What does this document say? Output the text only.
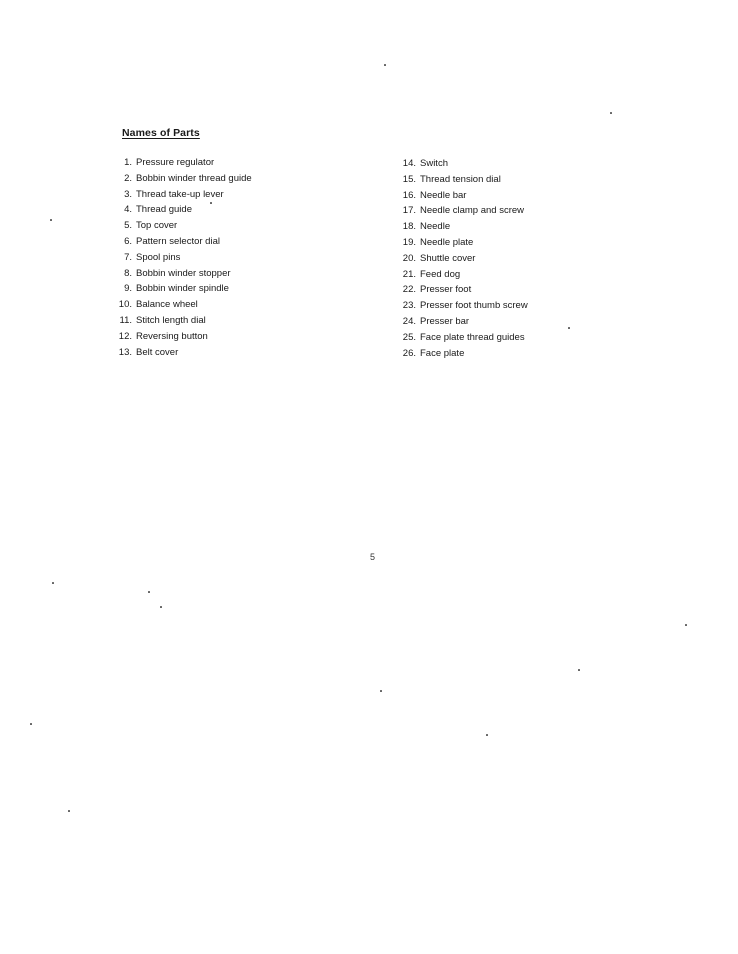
Names of Parts
1. Pressure regulator
2. Bobbin winder thread guide
3. Thread take-up lever
4. Thread guide
5. Top cover
6. Pattern selector dial
7. Spool pins
8. Bobbin winder stopper
9. Bobbin winder spindle
10. Balance wheel
11. Stitch length dial
12. Reversing button
13. Belt cover
14. Switch
15. Thread tension dial
16. Needle bar
17. Needle clamp and screw
18. Needle
19. Needle plate
20. Shuttle cover
21. Feed dog
22. Presser foot
23. Presser foot thumb screw
24. Presser bar
25. Face plate thread guides
26. Face plate
5
